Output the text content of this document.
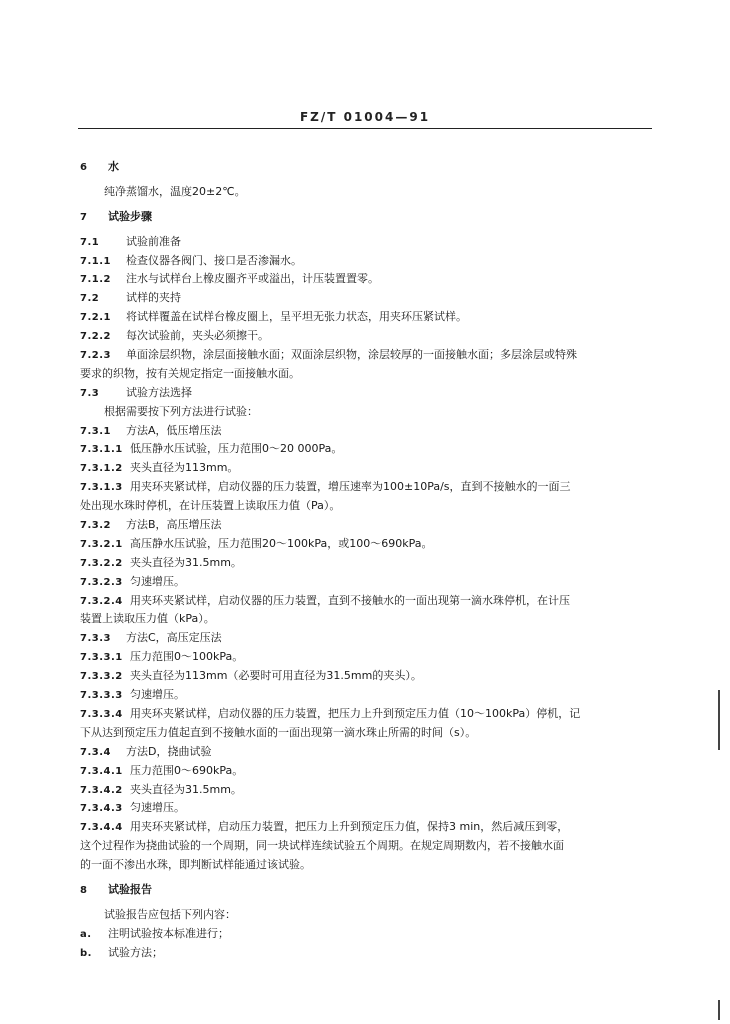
FZ/T 01004—91
6 水
纯净蒸馏水，温度20±2℃。
7 试验步骤
7.1 试验前准备
7.1.1 检查仪器各阀门、接口是否渗漏水。
7.1.2 注水与试样台上橡皮圈齐平或溢出，计压装置置零。
7.2 试样的夹持
7.2.1 将试样覆盖在试样台橡皮圈上，呈平坦无张力状态，用夹环压紧试样。
7.2.2 每次试验前，夹头必须擦干。
7.2.3 单面涂层织物，涂层面接触水面；双面涂层织物，涂层较厚的一面接触水面；多层涂层或特殊
要求的织物，按有关规定指定一面接触水面。
7.3 试验方法选择
根据需要按下列方法进行试验：
7.3.1 方法A，低压增压法
7.3.1.1 低压静水压试验，压力范围0～20 000Pa。
7.3.1.2 夹头直径为113mm。
7.3.1.3 用夹环夹紧试样，启动仪器的压力装置，增压速率为100±10Pa/s，直到不接触水的一面三
处出现水珠时停机，在计压装置上读取压力值（Pa）。
7.3.2 方法B，高压增压法
7.3.2.1 高压静水压试验，压力范围20～100kPa，或100～690kPa。
7.3.2.2 夹头直径为31.5mm。
7.3.2.3 匀速增压。
7.3.2.4 用夹环夹紧试样，启动仪器的压力装置，直到不接触水的一面出现第一滴水珠停机，在计压
装置上读取压力值（kPa）。
7.3.3 方法C，高压定压法
7.3.3.1 压力范围0～100kPa。
7.3.3.2 夹头直径为113mm（必要时可用直径为31.5mm的夹头）。
7.3.3.3 匀速增压。
7.3.3.4 用夹环夹紧试样，启动仪器的压力装置，把压力上升到预定压力值（10～100kPa）停机，记
下从达到预定压力值起直到不接触水面的一面出现第一滴水珠止所需的时间（s）。
7.3.4 方法D，挠曲试验
7.3.4.1 压力范围0～690kPa。
7.3.4.2 夹头直径为31.5mm。
7.3.4.3 匀速增压。
7.3.4.4 用夹环夹紧试样，启动压力装置，把压力上升到预定压力值，保持3 min，然后减压到零，
这个过程作为挠曲试验的一个周期，同一块试样连续试验五个周期。在规定周期数内，若不接触水面
的一面不渗出水珠，即判断试样能通过该试验。
8 试验报告
试验报告应包括下列内容：
a. 注明试验按本标准进行；
b. 试验方法；
